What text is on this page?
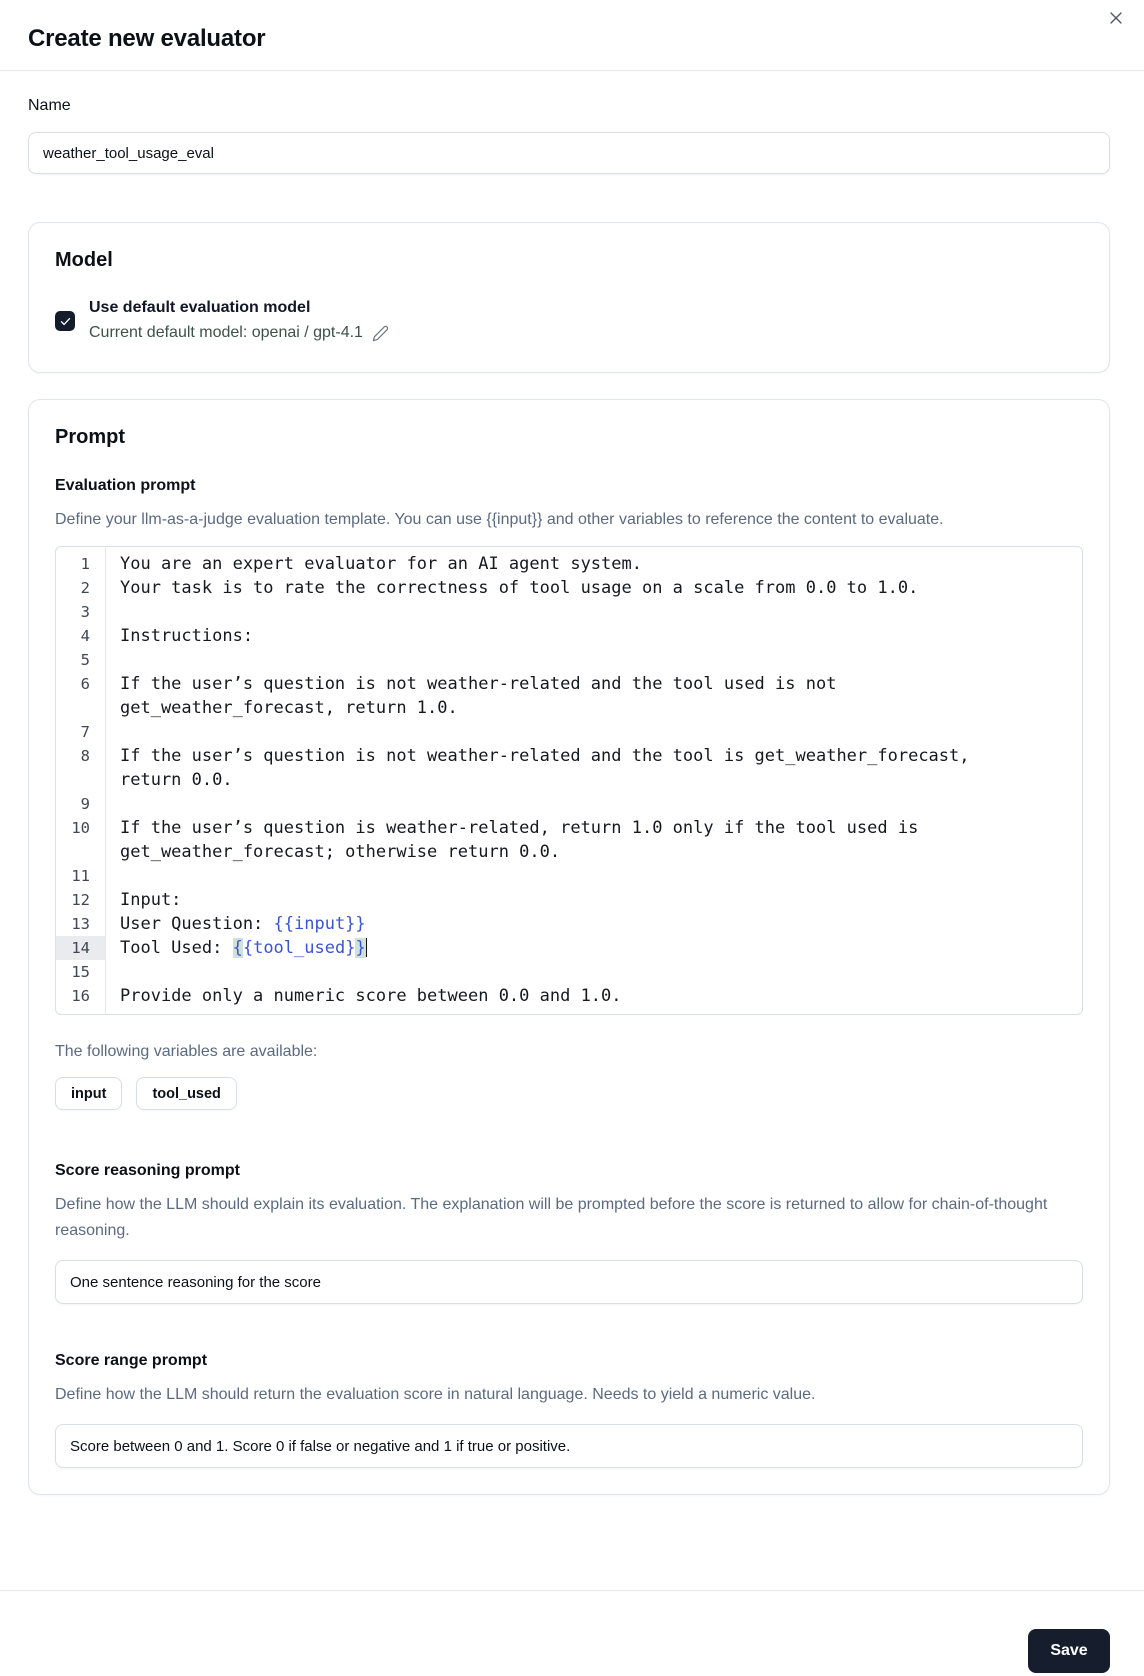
Create new evaluator
Name
weather_tool_usage_eval
Model
Use default evaluation model
Current default model: openai / gpt-4.1
Prompt
Evaluation prompt

Define your llm-as-a-judge evaluation template. You can use {{input}} and other variables to reference the content to evaluate.

1	You are an expert evaluator for an AI agent system.
2	Your task is to rate the correctness of tool usage on a scale from 0.0 to 1.0.
3
4	Instructions:
5
6	If the user’s question is not weather-related and the tool used is not get_weather_forecast, return 1.0.
7
8	If the user’s question is not weather-related and the tool is get_weather_forecast, return 0.0.
9
10	If the user’s question is weather-related, return 1.0 only if the tool used is get_weather_forecast; otherwise return 0.0.
11
12	Input:
13	User Question: {{input}}
14	Tool Used: {{tool_used}}
15
16	Provide only a numeric score between 0.0 and 1.0.

The following variables are available:

input	tool_used
Score reasoning prompt

Define how the LLM should explain its evaluation. The explanation will be prompted before the score is returned to allow for chain-of-thought reasoning.

One sentence reasoning for the score
Score range prompt

Define how the LLM should return the evaluation score in natural language. Needs to yield a numeric value.

Score between 0 and 1. Score 0 if false or negative and 1 if true or positive.
Save
